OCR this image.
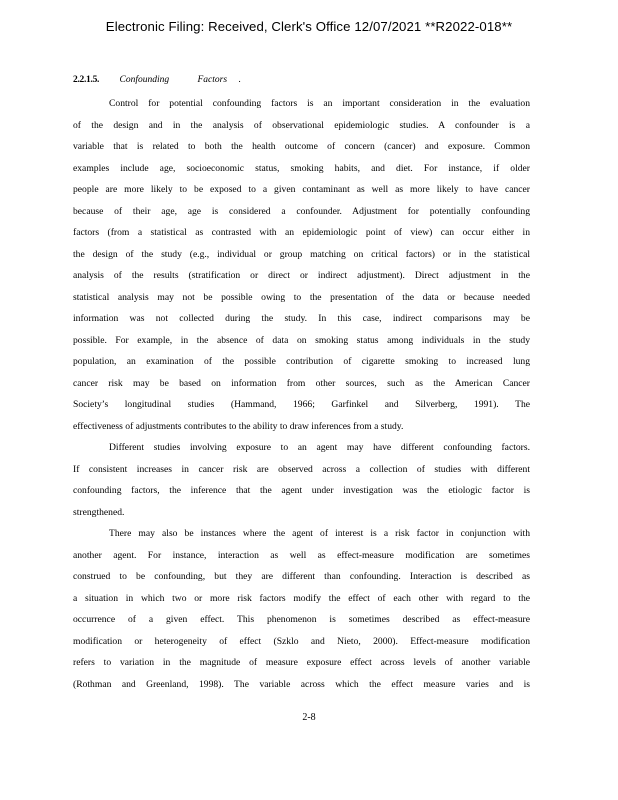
Electronic Filing: Received, Clerk's Office 12/07/2021 **R2022-018**
2.2.1.5. Confounding	Factors .
Control for potential confounding factors is an important consideration in the evaluation
of the design and in the analysis of observational epidemiologic studies. A confounder is a
variable that is related to both the health outcome of concern (cancer) and exposure. Common
examples include age, socioeconomic status, smoking habits, and diet. For instance, if older
people are more likely to be exposed to a given contaminant as well as more likely to have cancer
because of their age, age is considered a confounder. Adjustment for potentially confounding
factors (from a statistical as contrasted with an epidemiologic point of view) can occur either in
the design of the study (e.g., individual or group matching on critical factors) or in the statistical
analysis of the results (stratification or direct or indirect adjustment). Direct adjustment in the
statistical analysis may not be possible owing to the presentation of the data or because needed
information was not collected during the study. In this case, indirect comparisons may be
possible. For example, in the absence of data on smoking status among individuals in the study
population, an examination of the possible contribution of cigarette smoking to increased lung
cancer risk may be based on information from other sources, such as the American Cancer
Society’s longitudinal studies (Hammand, 1966; Garfinkel and Silverberg, 1991). The
effectiveness of adjustments contributes to the ability to draw inferences from a study.
Different studies involving exposure to an agent may have different confounding factors.
If consistent increases in cancer risk are observed across a collection of studies with different
confounding factors, the inference that the agent under investigation was the etiologic factor is
strengthened.
There may also be instances where the agent of interest is a risk factor in conjunction with
another agent. For instance, interaction as well as effect-measure modification are sometimes
construed to be confounding, but they are different than confounding. Interaction is described as
a situation in which two or more risk factors modify the effect of each other with regard to the
occurrence of a given effect. This phenomenon is sometimes described as effect-measure
modification or heterogeneity of effect (Szklo and Nieto, 2000). Effect-measure modification
refers to variation in the magnitude of measure exposure effect across levels of another variable
(Rothman and Greenland, 1998). The variable across which the effect measure varies and is
2-8
